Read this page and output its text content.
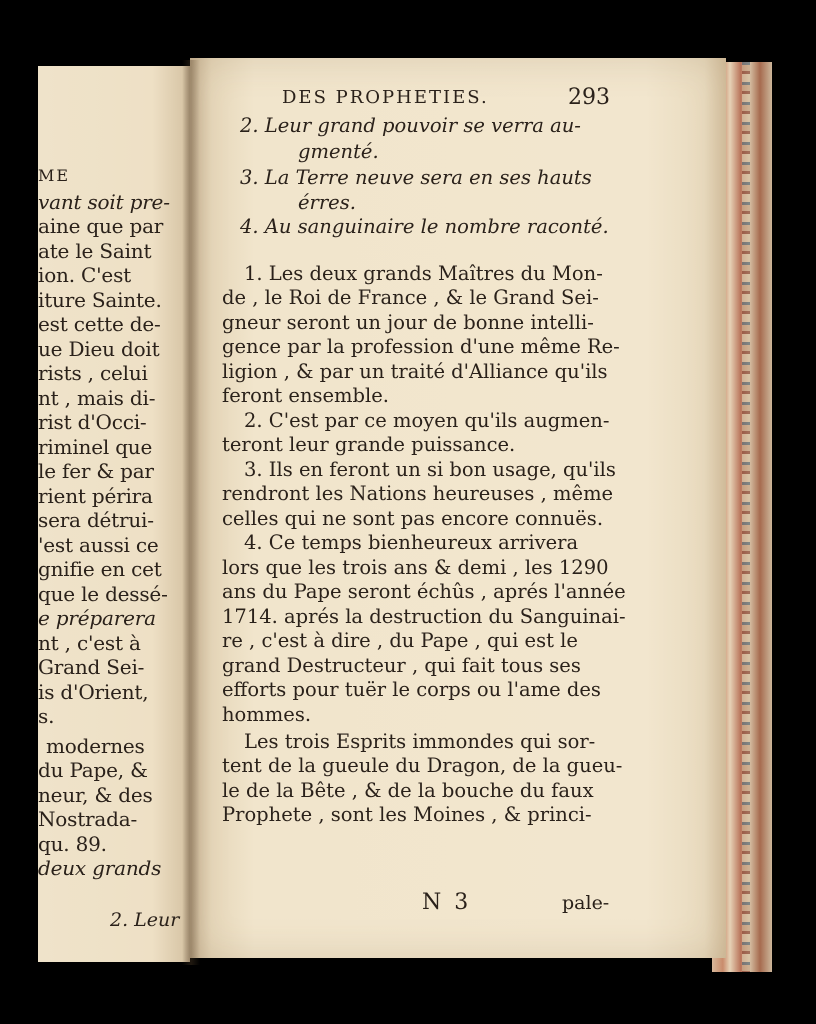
ME
vant soit pre-
aine que par
ate le Saint
ion. C'est
iture Sainte.
est cette de-
ue Dieu doit
rists , celui
nt , mais di-
rist d'Occi-
riminel que
le fer & par
rient périra
sera détrui-
'est aussi ce
gnifie en cet
que le dessé-
e préparera
nt , c'est à
Grand Sei-
is d'Orient,
s.
modernes
du Pape, &
neur, & des
Nostrada-
qu. 89.
deux grands
2. Leur
DES PROPHETIES.	293
2. Leur grand pouvoir se verra au-
gmenté.
3. La Terre neuve sera en ses hauts
érres.
4. Au sanguinaire le nombre raconté.
1. Les deux grands Maîtres du Mon-
de , le Roi de France , & le Grand Sei-
gneur seront un jour de bonne intelli-
gence par la profession d'une même Re-
ligion , & par un traité d'Alliance qu'ils
feront ensemble.
2. C'est par ce moyen qu'ils augmen-
teront leur grande puissance.
3. Ils en feront un si bon usage, qu'ils
rendront les Nations heureuses , même
celles qui ne sont pas encore connuës.
4. Ce temps bienheureux arrivera
lors que les trois ans & demi , les 1290
ans du Pape seront échûs , aprés l'année
1714. aprés la destruction du Sanguinai-
re , c'est à dire , du Pape , qui est le
grand Destructeur , qui fait tous ses
efforts pour tuër le corps ou l'ame des
hommes.
Les trois Esprits immondes qui sor-
tent de la gueule du Dragon, de la gueu-
le de la Bête , & de la bouche du faux
Prophete , sont les Moines , & princi-
N 3	pale-
